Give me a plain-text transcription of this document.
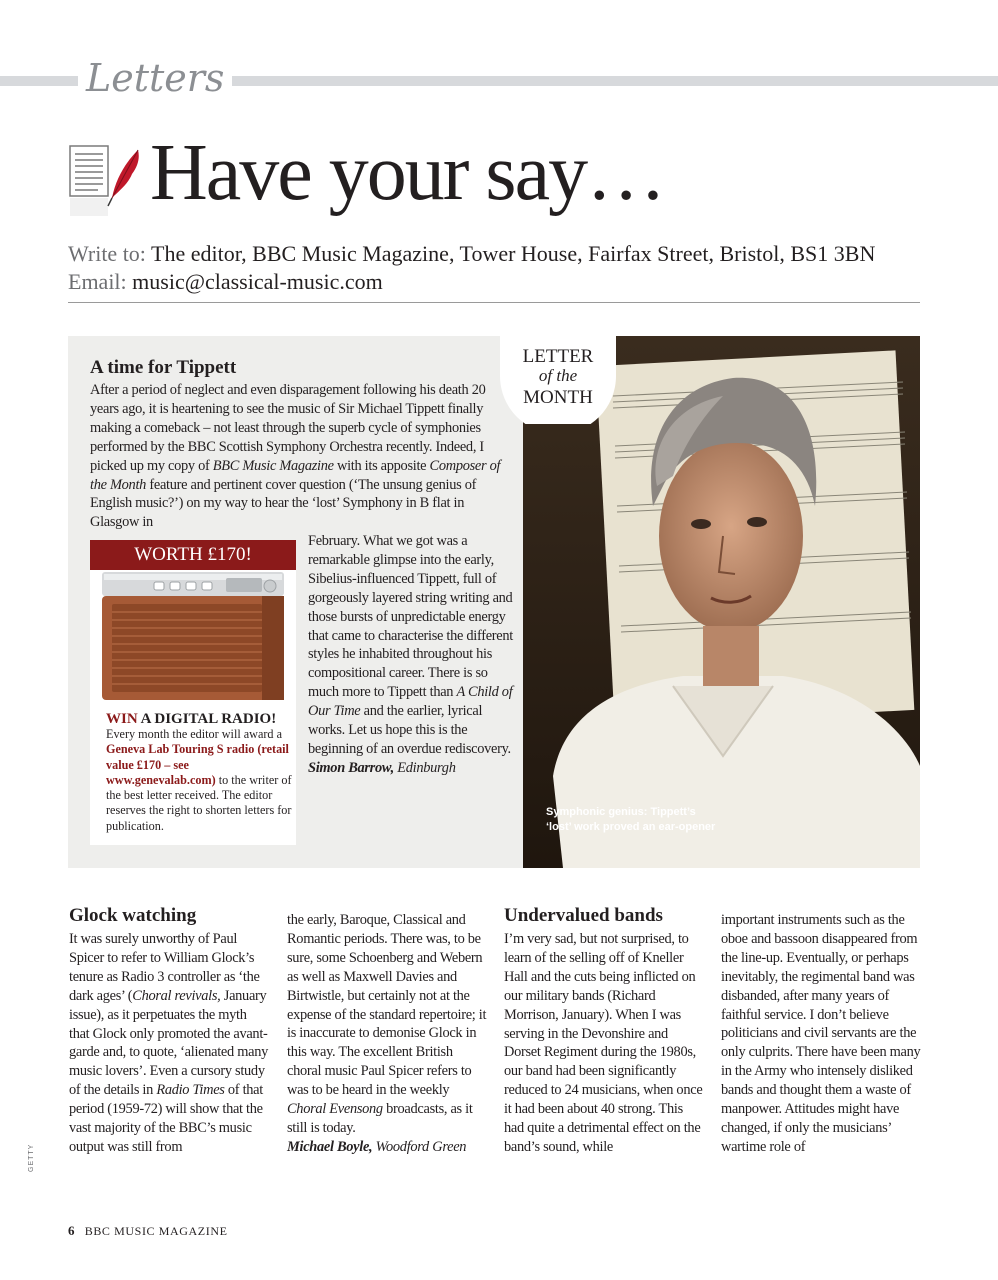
Letters
Have your say…
Write to: The editor, BBC Music Magazine, Tower House, Fairfax Street, Bristol, BS1 3BN
Email: music@classical-music.com
LETTER
of the
MONTH
A time for Tippett

After a period of neglect and even disparagement following his death 20 years ago, it is heartening to see the music of Sir Michael Tippett finally making a comeback – not least through the superb cycle of symphonies performed by the BBC Scottish Symphony Orchestra recently. Indeed, I picked up my copy of BBC Music Magazine with its apposite Composer of the Month feature and pertinent cover question (‘The unsung genius of English music?’) on my way to hear the ‘lost’ Symphony in B flat in Glasgow in

February. What we got was a remarkable glimpse into the early, Sibelius-influenced Tippett, full of gorgeously layered string writing and those bursts of unpredictable energy that came to characterise the different styles he inhabited throughout his compositional career. There is so much more to Tippett than A Child of Our Time and the earlier, lyrical works. Let us hope this is the beginning of an overdue rediscovery.

Simon Barrow, Edinburgh

WORTH £170!
WIN A DIGITAL RADIO!
Every month the editor will award a Geneva Lab Touring S radio (retail value £170 – see www.genevalab.com) to the writer of the best letter received. The editor reserves the right to shorten letters for publication.
Symphonic genius: Tippett’s ‘lost’ work proved an ear-opener
Glock watching

It was surely unworthy of Paul Spicer to refer to William Glock’s tenure as Radio 3 controller as ‘the dark ages’ (Choral revivals, January issue), as it perpetuates the myth that Glock only promoted the avant-garde and, to quote, ‘alienated many music lovers’. Even a cursory study of the details in Radio Times of that period (1959-72) will show that the vast majority of the BBC’s music output was still from

the early, Baroque, Classical and Romantic periods. There was, to be sure, some Schoenberg and Webern as well as Maxwell Davies and Birtwistle, but certainly not at the expense of the standard repertoire; it is inaccurate to demonise Glock in this way. The excellent British choral music Paul Spicer refers to was to be heard in the weekly Choral Evensong broadcasts, as it still is today.

Michael Boyle, Woodford Green

Undervalued bands

I’m very sad, but not surprised, to learn of the selling off of Kneller Hall and the cuts being inflicted on our military bands (Richard Morrison, January). When I was serving in the Devonshire and Dorset Regiment during the 1980s, our band had been significantly reduced to 24 musicians, when once it had been about 40 strong. This had quite a detrimental effect on the band’s sound, while

important instruments such as the oboe and bassoon disappeared from the line-up. Eventually, or perhaps inevitably, the regimental band was disbanded, after many years of faithful service. I don’t believe politicians and civil servants are the only culprits. There have been many in the Army who intensely disliked bands and thought them a waste of manpower. Attitudes might have changed, if only the musicians’ wartime role of

GETTY
6 BBC MUSIC MAGAZINE
